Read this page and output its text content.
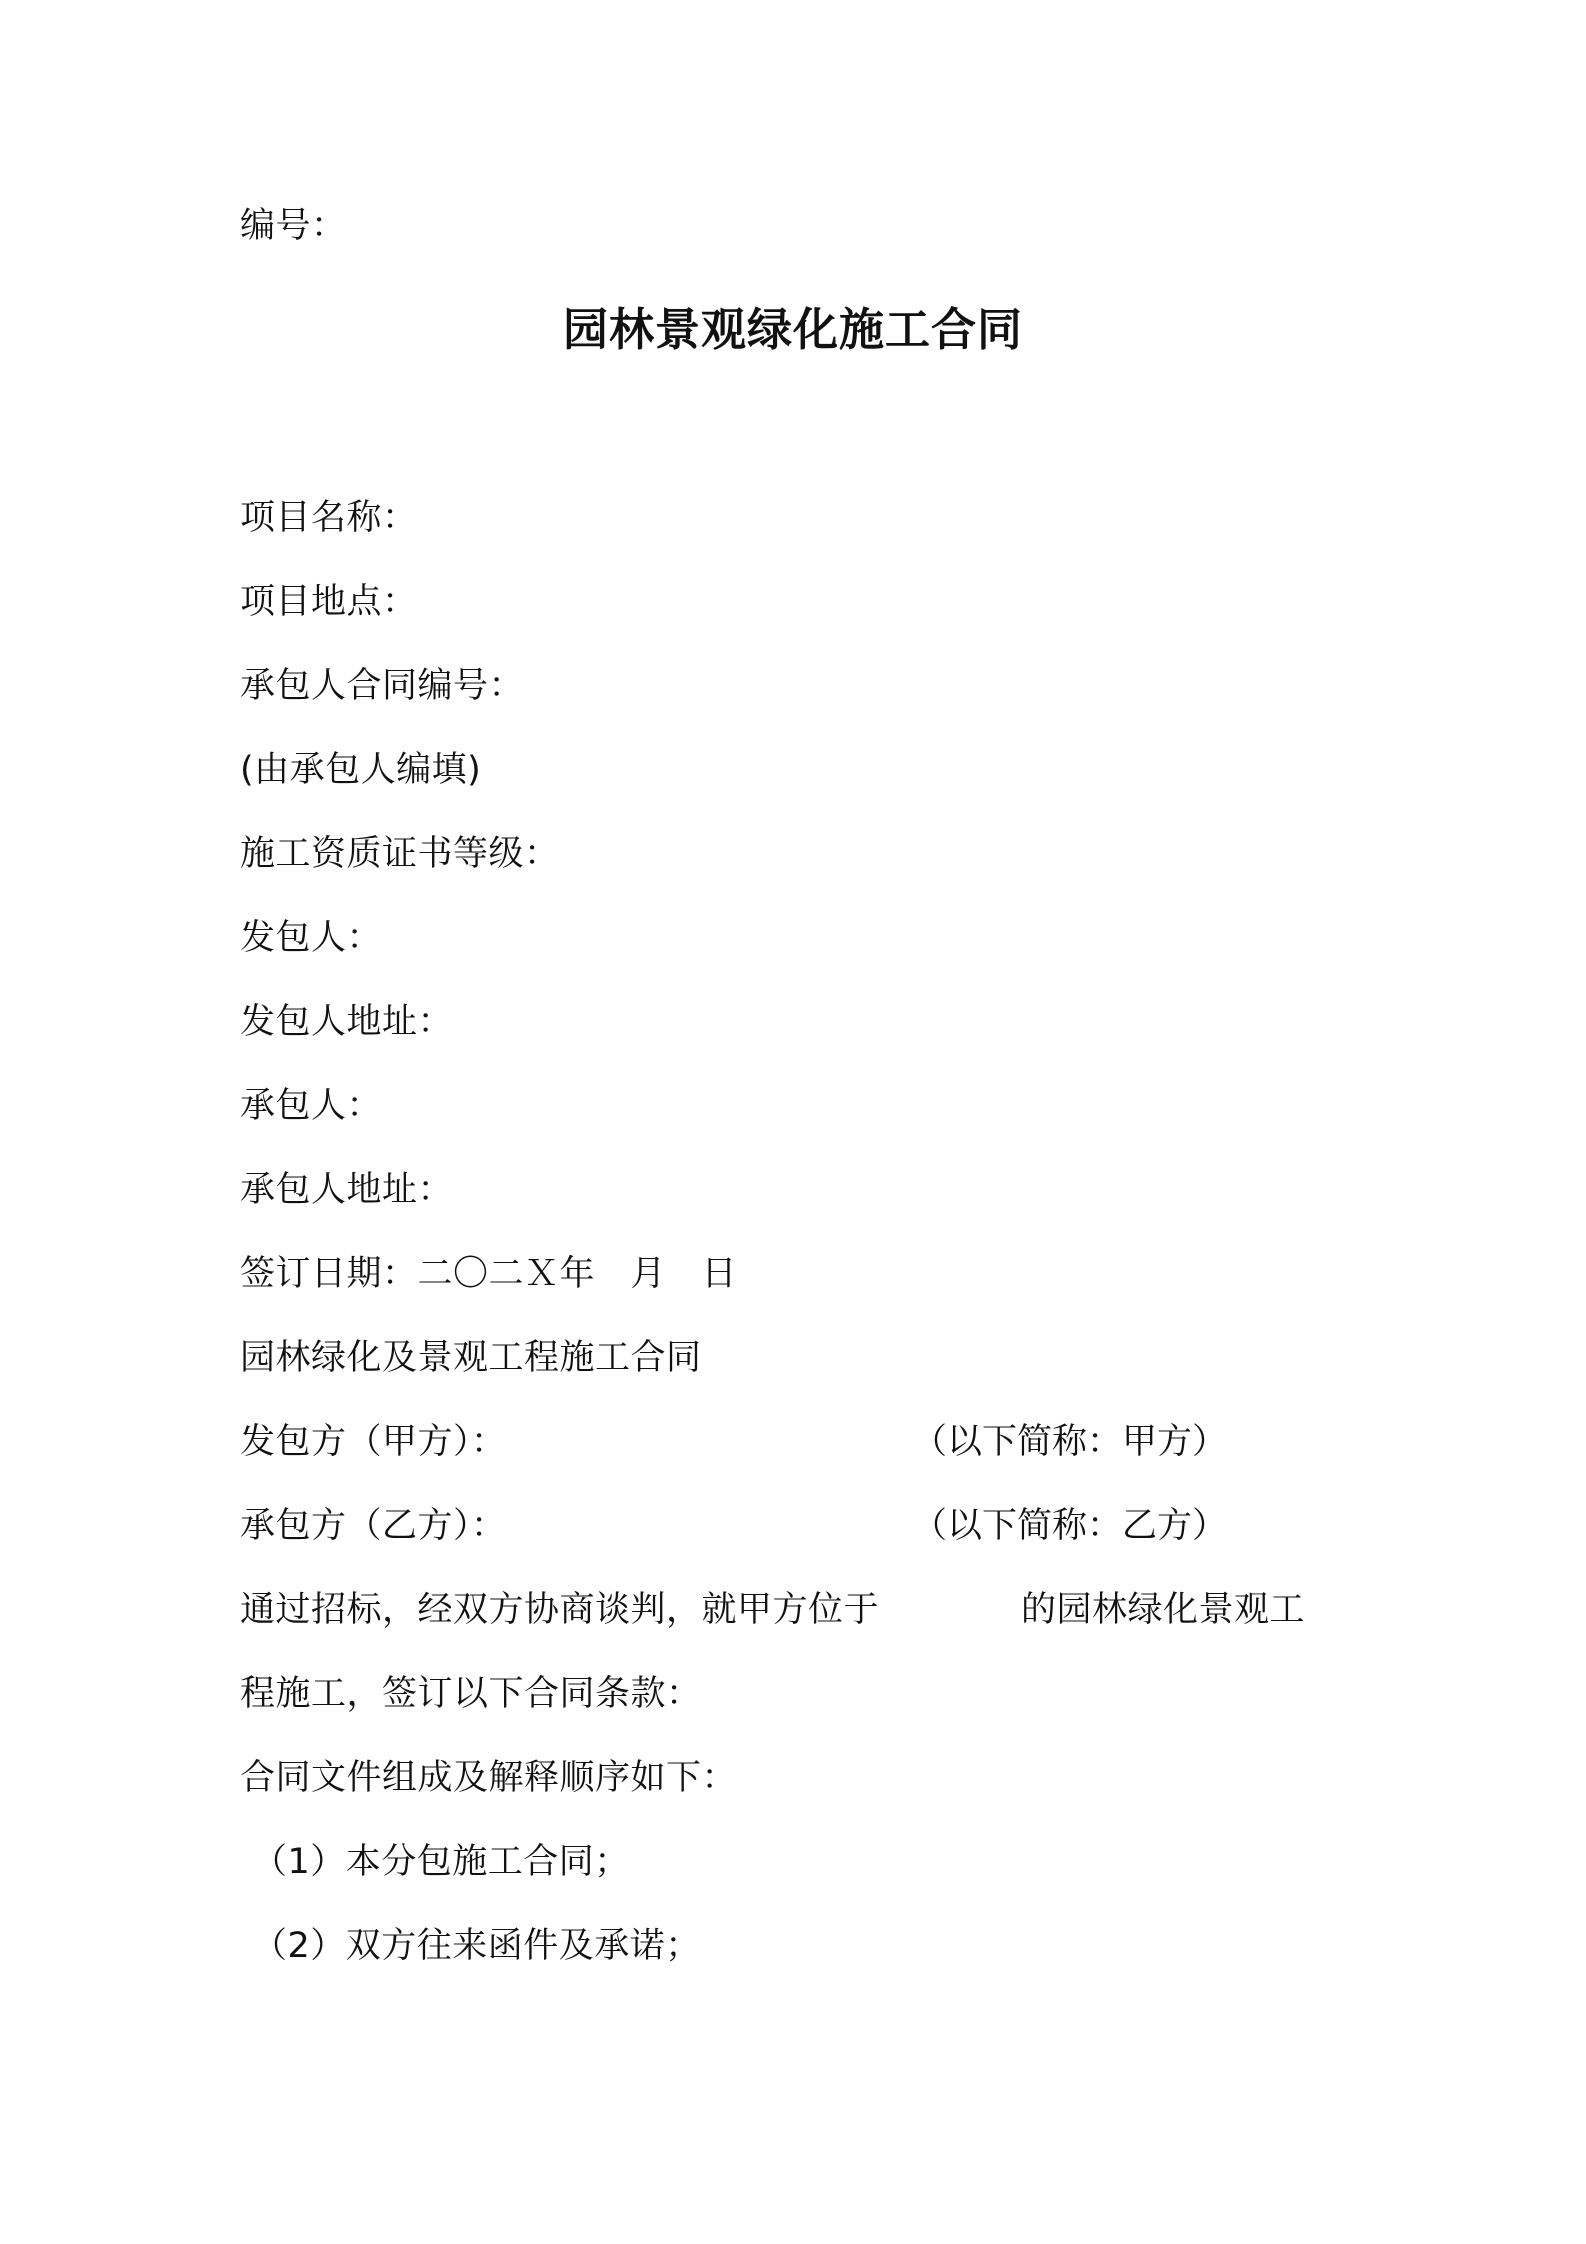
编号：
园林景观绿化施工合同
项目名称：
项目地点：
承包人合同编号：
(由承包人编填)
施工资质证书等级：
发包人：
发包人地址：
承包人：
承包人地址：
签订日期：二〇二Ｘ年　月　日
园林绿化及景观工程施工合同
发包方（甲方）：	（以下简称：甲方）
承包方（乙方）：	（以下简称：乙方）
通过招标，经双方协商谈判，就甲方位于　　　　的园林绿化景观工
程施工，签订以下合同条款：
合同文件组成及解释顺序如下：
（1）本分包施工合同；
（2）双方往来函件及承诺；
